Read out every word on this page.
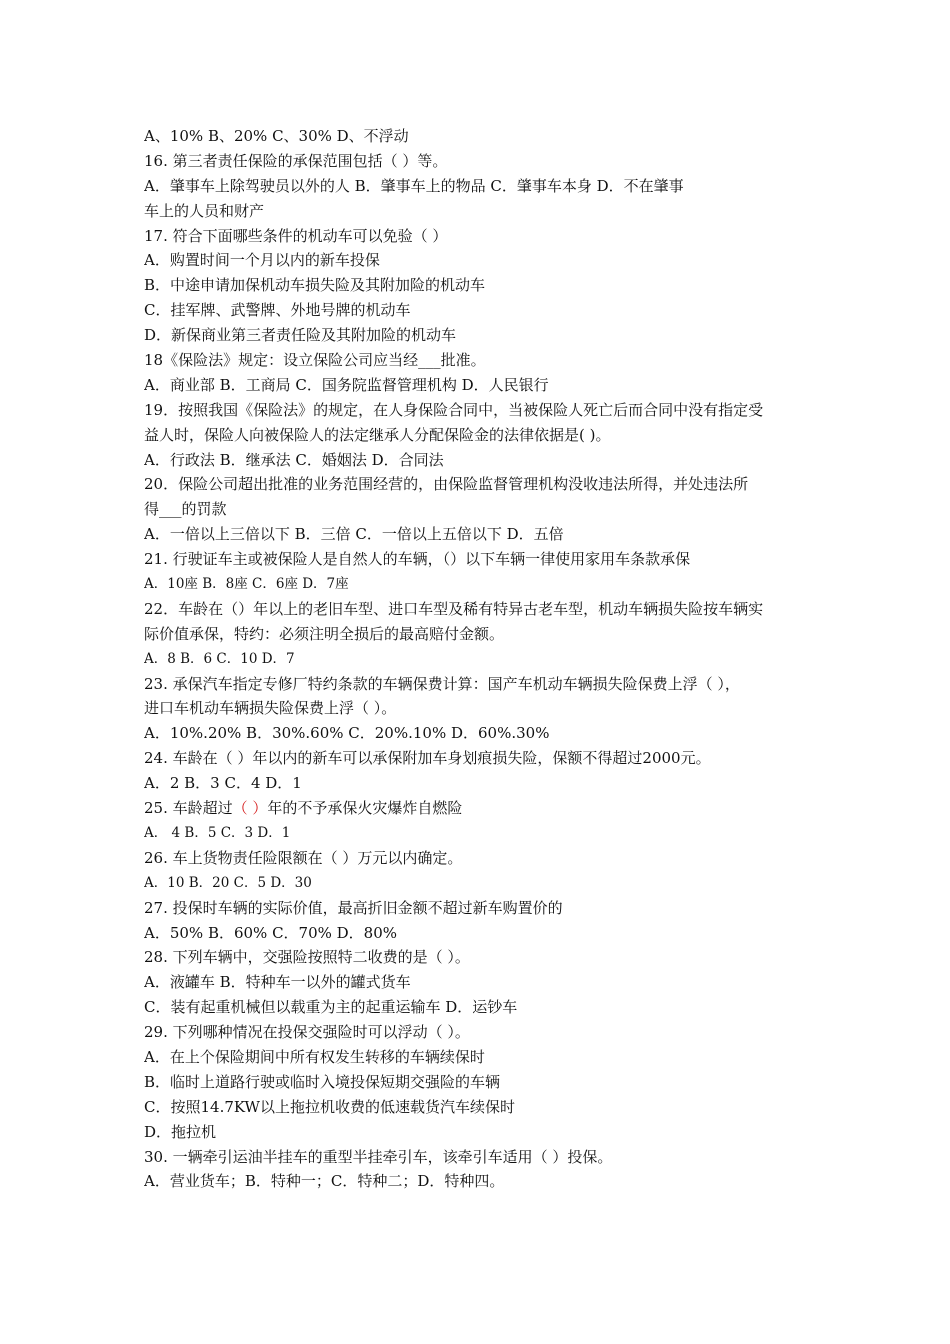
A、10% B、20% C、30% D、不浮动
16. 第三者责任保险的承保范围包括（ ）等。
A．肇事车上除驾驶员以外的人 B．肇事车上的物品 C．肇事车本身 D．不在肇事
车上的人员和财产
17. 符合下面哪些条件的机动车可以免验（ ）
A．购置时间一个月以内的新车投保
B．中途申请加保机动车损失险及其附加险的机动车
C．挂军牌、武警牌、外地号牌的机动车
D．新保商业第三者责任险及其附加险的机动车
18《保险法》规定：设立保险公司应当经___批准。
A．商业部 B．工商局 C．国务院监督管理机构 D．人民银行
19．按照我国《保险法》的规定，在人身保险合同中，当被保险人死亡后而合同中没有指定受
益人时，保险人向被保险人的法定继承人分配保险金的法律依据是( )。
A．行政法 B．继承法 C．婚姻法 D．合同法
20．保险公司超出批准的业务范围经营的，由保险监督管理机构没收违法所得，并处违法所
得___的罚款
A．一倍以上三倍以下 B．三倍 C．一倍以上五倍以下 D．五倍
21. 行驶证车主或被保险人是自然人的车辆，（）以下车辆一律使用家用车条款承保
A．10座 B．8座 C．6座 D．7座
22．车龄在（）年以上的老旧车型、进口车型及稀有特异古老车型，机动车辆损失险按车辆实
际价值承保，特约：必须注明全损后的最高赔付金额。
A．8 B．6 C．10 D．7
23. 承保汽车指定专修厂特约条款的车辆保费计算：国产车机动车辆损失险保费上浮（ ），
进口车机动车辆损失险保费上浮（ ）。
A．10%.20% B．30%.60% C．20%.10% D．60%.30%
24. 车龄在（ ）年以内的新车可以承保附加车身划痕损失险，保额不得超过2000元。
A．2 B．3 C．4 D．1
25. 车龄超过（ ）年的不予承保火灾爆炸自燃险
A． 4 B．5 C．3 D．1
26. 车上货物责任险限额在（ ）万元以内确定。
A．10 B．20 C．5 D．30
27. 投保时车辆的实际价值，最高折旧金额不超过新车购置价的
A．50% B．60% C．70% D．80%
28. 下列车辆中，交强险按照特二收费的是（ ）。
A．液罐车 B．特种车一以外的罐式货车
C．装有起重机械但以载重为主的起重运输车 D．运钞车
29. 下列哪种情况在投保交强险时可以浮动（ ）。
A．在上个保险期间中所有权发生转移的车辆续保时
B．临时上道路行驶或临时入境投保短期交强险的车辆
C．按照14.7KW以上拖拉机收费的低速载货汽车续保时
D．拖拉机
30. 一辆牵引运油半挂车的重型半挂牵引车，该牵引车适用（ ）投保。
A．营业货车；B．特种一；C．特种二；D．特种四。
